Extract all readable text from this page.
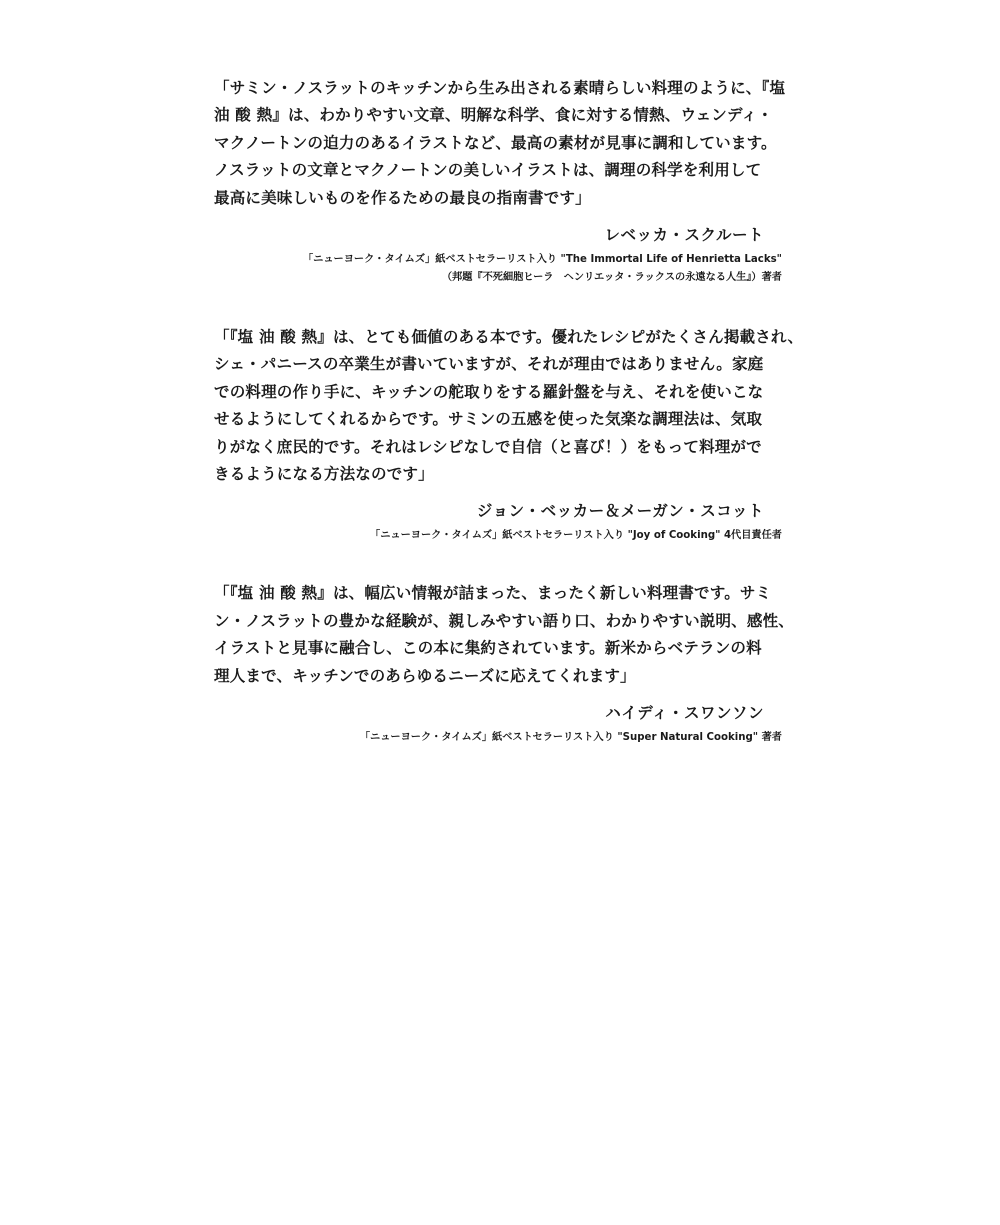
「サミン・ノスラットのキッチンから生み出される素晴らしい料理のように、『塩
油 酸 熱』は、わかりやすい文章、明解な科学、食に対する情熱、ウェンディ・
マクノートンの迫力のあるイラストなど、最高の素材が見事に調和しています。
ノスラットの文章とマクノートンの美しいイラストは、調理の科学を利用して
最高に美味しいものを作るための最良の指南書です」

レベッカ・スクルート
「ニューヨーク・タイムズ」紙ベストセラーリスト入り "The Immortal Life of Henrietta Lacks"
（邦題『不死細胞ヒーラ　ヘンリエッタ・ラックスの永遠なる人生』）著者

「『塩 油 酸 熱』は、とても価値のある本です。優れたレシピがたくさん掲載され、
シェ・パニースの卒業生が書いていますが、それが理由ではありません。家庭
での料理の作り手に、キッチンの舵取りをする羅針盤を与え、それを使いこな
せるようにしてくれるからです。サミンの五感を使った気楽な調理法は、気取
りがなく庶民的です。それはレシピなしで自信（と喜び！）をもって料理がで
きるようになる方法なのです」

ジョン・ベッカー＆メーガン・スコット
「ニューヨーク・タイムズ」紙ベストセラーリスト入り "Joy of Cooking" 4代目責任者

「『塩 油 酸 熱』は、幅広い情報が詰まった、まったく新しい料理書です。サミ
ン・ノスラットの豊かな経験が、親しみやすい語り口、わかりやすい説明、感性、
イラストと見事に融合し、この本に集約されています。新米からベテランの料
理人まで、キッチンでのあらゆるニーズに応えてくれます」

ハイディ・スワンソン
「ニューヨーク・タイムズ」紙ベストセラーリスト入り "Super Natural Cooking" 著者
